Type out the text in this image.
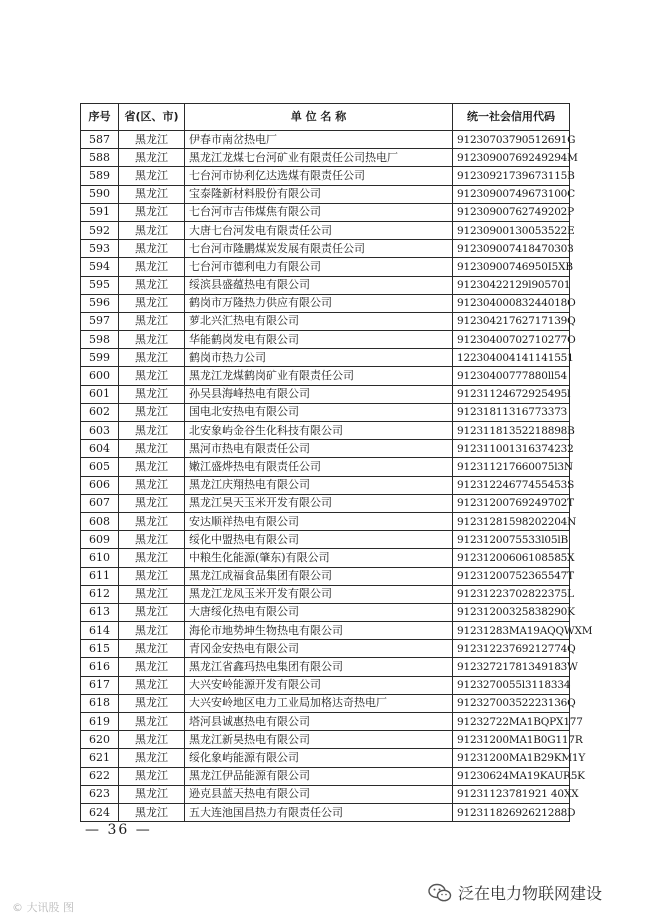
序号	省(区、市)	单 位 名 称	统一社会信用代码
587	黑龙江	伊春市南岔热电厂	91230703790512691G
588	黑龙江	黑龙江龙煤七台河矿业有限责任公司热电厂	91230900769249294M
589	黑龙江	七台河市协利亿达选煤有限责任公司	91230921739673115B
590	黑龙江	宝泰隆新材料股份有限公司	91230900749673100C
591	黑龙江	七台河市吉伟煤焦有限公司	91230900762749202P
592	黑龙江	大唐七台河发电有限责任公司	91230900130053522E
593	黑龙江	七台河市隆鹏煤炭发展有限责任公司	91230900741847030З
594	黑龙江	七台河市德利电力有限公司	91230900746950I5XB
595	黑龙江	绥滨县盛蕴热电有限公司	91230422129l905701
596	黑龙江	鹤岗市万隆热力供应有限公司	91230400083244018O
597	黑龙江	萝北兴汇热电有限公司	91230421762717139Q
598	黑龙江	华能鹤岗发电有限公司	91230400702710277O
599	黑龙江	鹤岗市热力公司	122304004141141551
600	黑龙江	黑龙江龙煤鹤岗矿业有限责任公司	91230400777880ll54
601	黑龙江	孙吴县海峰热电有限公司	91231124672925495l
602	黑龙江	国电北安热电有限公司	9123181131677337З
603	黑龙江	北安象屿金谷生化科技有限公司	91231181352218898B
604	黑龙江	黑河市热电有限责任公司	912311001316374232
605	黑龙江	嫩江盛烨热电有限责任公司	912311217660075l3N
606	黑龙江	黑龙江庆翔热电有限公司	91231224677455453S
607	黑龙江	黑龙江昊天玉米开发有限公司	91231200769249702T
608	黑龙江	安达顺祥热电有限公司	91231281598202204N
609	黑龙江	绥化中盟热电有限公司	9123120075533l05lB
610	黑龙江	中粮生化能源(肇东)有限公司	91231200606108585X
611	黑龙江	黑龙江成福食品集团有限公司	91231200752365547T
612	黑龙江	黑龙江龙凤玉米开发有限公司	91231223702822375L
613	黑龙江	大唐绥化热电有限公司	91231200325838290K
614	黑龙江	海伦市地势坤生物热电有限公司	91231283MA19AQQWXM
615	黑龙江	青冈金安热电有限公司	91231223769212774Q
616	黑龙江	黑龙江省鑫玛热电集团有限公司	91232721781349183W
617	黑龙江	大兴安岭能源开发有限公司	9123270055l3118334
618	黑龙江	大兴安岭地区电力工业局加格达奇热电厂	91232700352223136Q
619	黑龙江	塔河县诚惠热电有限公司	91232722MA1BQPX177
620	黑龙江	黑龙江新昊热电有限公司	91231200MA1B0G117R
621	黑龙江	绥化象屿能源有限公司	91231200MA1B29KM1Y
622	黑龙江	黑龙江伊品能源有限公司	91230624MA19KAUR5K
623	黑龙江	逊克县蓝天热电有限公司	91231123781921 40XX
624	黑龙江	五大连池国昌热力有限责任公司	91231182692621288D
— 36 —
© 大讯股 图
泛在电力物联网建设
